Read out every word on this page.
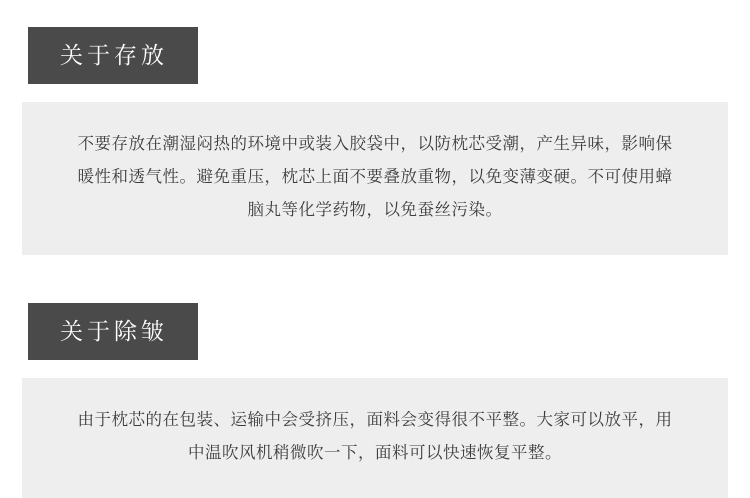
关于存放
不要存放在潮湿闷热的环境中或装入胶袋中，以防枕芯受潮，产生异味，影响保暖性和透气性。避免重压，枕芯上面不要叠放重物，以免变薄变硬。不可使用蟑脑丸等化学药物，以免蚕丝污染。
关于除皱
由于枕芯的在包装、运输中会受挤压，面料会变得很不平整。大家可以放平，用中温吹风机稍微吹一下，面料可以快速恢复平整。
